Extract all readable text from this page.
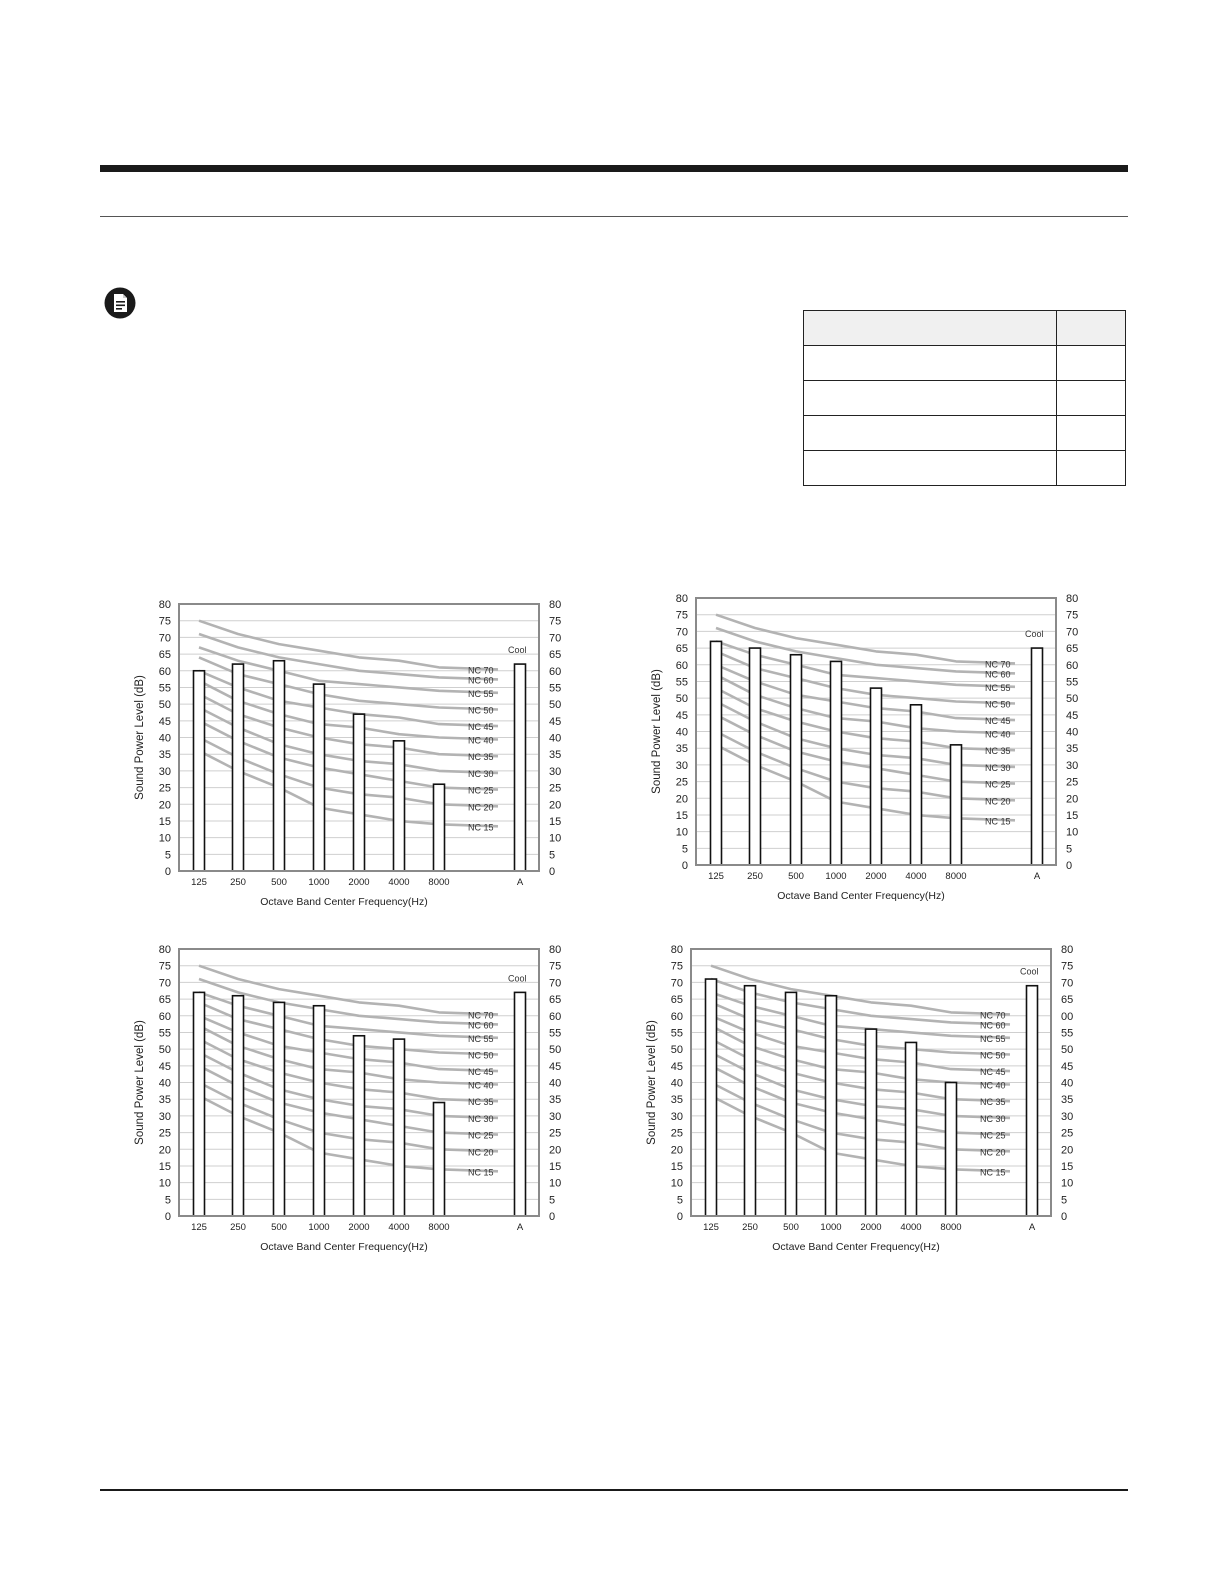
NC 70
NC 60
NC 55
NC 50
NC 45
NC 40
NC 35
NC 30
NC 25
NC 20
NC 15
Cool
0	0
5	5
10	10
15	15
20	20
25	25
30	30
35	35
40	40
45	45
50	50
55	55
60	60
65	65
70	70
75	75
80	80
125 250	500 1000 2000 4000 8000	A
Octave Band Center Frequency(Hz)
Sound Power Level (dB)
NC 70
NC 60
NC 55
NC 50
NC 45
NC 40
NC 35
NC 30
NC 25
NC 20
NC 15
Cool
0	0
5	5
10	10
15	15
20	20
25	25
30	30
35	35
40	40
45	45
50	50
55	55
60	60
65	65
70	70
75	75
80	80
125 250	500 1000 2000 4000 8000	A
Octave Band Center Frequency(Hz)
Sound Power Level (dB)
NC 70
NC 60
NC 55
NC 50
NC 45
NC 40
NC 35
NC 30
NC 25
NC 20
NC 15
Cool
0	0
5	5
10	10
15	15
20	20
25	25
30	30
35	35
40	40
45	45
50	50
55	55
60	60
65	65
70	70
75	75
80	80
125 250	500 1000 2000 4000 8000	A
Octave Band Center Frequency(Hz)
Sound Power Level (dB)
NC 70
NC 60
NC 55
NC 50
NC 45
NC 40
NC 35
NC 30
NC 25
NC 20
NC 15
Cool
0	0
5	5
10	10
15	15
20	20
25	25
30	30
35	35
40	40
45	45
50	50
55	55
60	00
65	65
70	70
75	75
80	80
125 250	500 1000 2000 4000 8000	A
Octave Band Center Frequency(Hz)
Sound Power Level (dB)
